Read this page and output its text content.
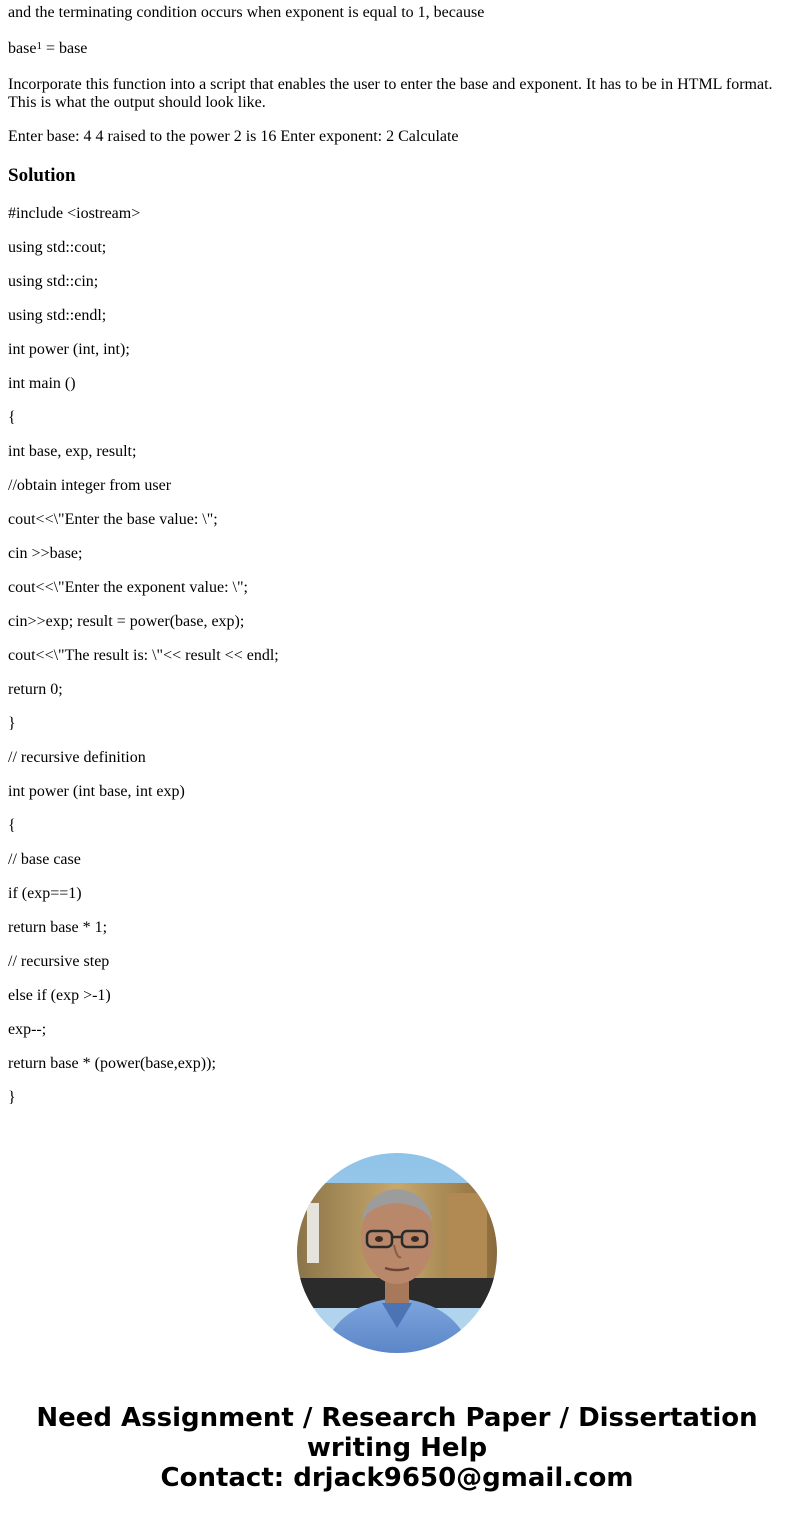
and the terminating condition occurs when exponent is equal to 1, because

base$^1$ = base

Incorporate this function into a script that enables the user to enter the base and exponent. It has to be in HTML format. This is what the output should look like.

Enter base: 4 4 raised to the power 2 is 16 Enter exponent: 2 Calculate

Solution

#include <iostream>

using std::cout;

using std::cin;

using std::endl;

int power (int, int);

int main ()

{

int base, exp, result;

//obtain integer from user

cout<<\"Enter the base value: \";

cin >>base;

cout<<\"Enter the exponent value: \";

cin>>exp; result = power(base, exp);

cout<<\"The result is: \"<< result << endl;

return 0;

}

// recursive definition

int power (int base, int exp)

{

// base case

if (exp==1)

return base * 1;

// recursive step

else if (exp >-1)

exp--;

return base * (power(base,exp));

}

Need Assignment / Research Paper / Dissertation
writing Help
Contact: drjack9650@gmail.com
